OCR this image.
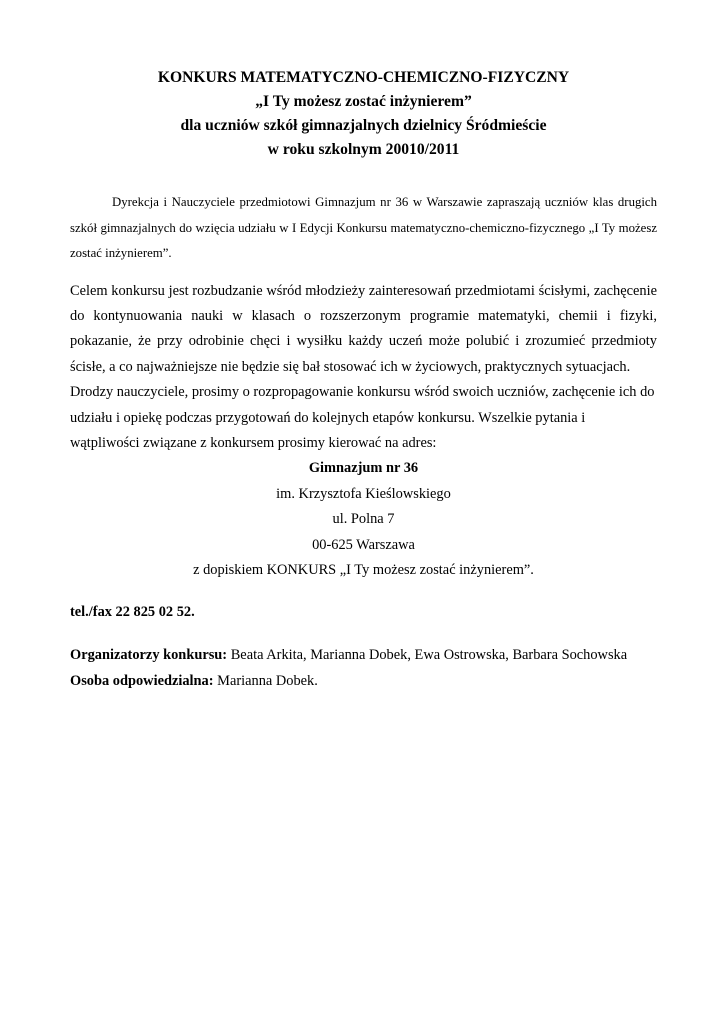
KONKURS MATEMATYCZNO-CHEMICZNO-FIZYCZNY
„I Ty możesz zostać inżynierem”
dla uczniów szkół gimnazjalnych dzielnicy Śródmieście
w roku szkolnym 20010/2011
Dyrekcja i Nauczyciele przedmiotowi Gimnazjum nr 36 w Warszawie zapraszają uczniów klas drugich szkół gimnazjalnych do wzięcia udziału w I Edycji Konkursu matematyczno-chemiczno-fizycznego „I Ty możesz zostać inżynierem”.

Celem konkursu jest rozbudzanie wśród młodzieży zainteresowań przedmiotami ścisłymi, zachęcenie do kontynuowania nauki w klasach o rozszerzonym programie matematyki, chemii i fizyki, pokazanie, że przy odrobinie chęci i wysiłku każdy uczeń może polubić i zrozumieć przedmioty ścisłe, a co najważniejsze nie będzie się bał stosować ich w życiowych, praktycznych sytuacjach.

Drodzy nauczyciele, prosimy o rozpropagowanie konkursu wśród swoich uczniów, zachęcenie ich do udziału i opiekę podczas przygotowań do kolejnych etapów konkursu. Wszelkie pytania i wątpliwości związane z konkursem prosimy kierować na adres:

Gimnazjum nr 36
im. Krzysztofa Kieślowskiego
ul. Polna 7
00-625 Warszawa
z dopiskiem KONKURS „I Ty możesz zostać inżynierem”.
tel./fax 22 825 02 52.
Organizatorzy konkursu: Beata Arkita, Marianna Dobek, Ewa Ostrowska, Barbara Sochowska
Osoba odpowiedzialna: Marianna Dobek.
